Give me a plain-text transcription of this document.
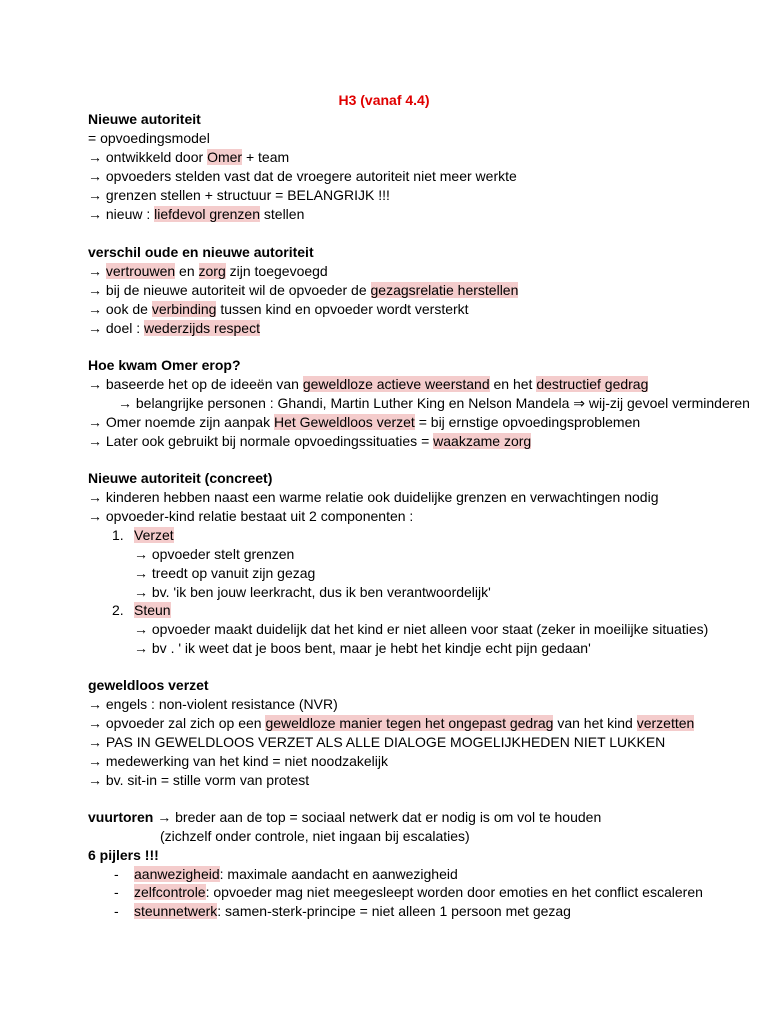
H3 (vanaf 4.4)
Nieuwe autoriteit
= opvoedingsmodel
→ ontwikkeld door Omer + team
→ opvoeders stelden vast dat de vroegere autoriteit niet meer werkte
→ grenzen stellen + structuur = BELANGRIJK !!!
→ nieuw : liefdevol grenzen stellen
verschil oude en nieuwe autoriteit
→ vertrouwen en zorg zijn toegevoegd
→ bij de nieuwe autoriteit wil de opvoeder de gezagsrelatie herstellen
→ ook de verbinding tussen kind en opvoeder wordt versterkt
→ doel : wederzijds respect
Hoe kwam Omer erop?
→ baseerde het op de ideeën van geweldloze actieve weerstand en het destructief gedrag
→ belangrijke personen : Ghandi, Martin Luther King en Nelson Mandela ⇒ wij-zij gevoel verminderen
→ Omer noemde zijn aanpak Het Geweldloos verzet = bij ernstige opvoedingsproblemen
→ Later ook gebruikt bij normale opvoedingssituaties = waakzame zorg
Nieuwe autoriteit (concreet)
→ kinderen hebben naast een warme relatie ook duidelijke grenzen en verwachtingen nodig
→ opvoeder-kind relatie bestaat uit 2 componenten :
1. Verzet
→ opvoeder stelt grenzen
→ treedt op vanuit zijn gezag
→ bv. 'ik ben jouw leerkracht, dus ik ben verantwoordelijk'
2. Steun
→ opvoeder maakt duidelijk dat het kind er niet alleen voor staat (zeker in moeilijke situaties)
→ bv . ' ik weet dat je boos bent, maar je hebt het kindje echt pijn gedaan'
geweldloos verzet
→ engels : non-violent resistance (NVR)
→ opvoeder zal zich op een geweldloze manier tegen het ongepast gedrag van het kind verzetten
→ PAS IN GEWELDLOOS VERZET ALS ALLE DIALOGE MOGELIJKHEDEN NIET LUKKEN
→ medewerking van het kind = niet noodzakelijk
→ bv. sit-in = stille vorm van protest
vuurtoren → breder aan de top = sociaal netwerk dat er nodig is om vol te houden
(zichzelf onder controle, niet ingaan bij escalaties)
6 pijlers !!!
- aanwezigheid: maximale aandacht en aanwezigheid
- zelfcontrole: opvoeder mag niet meegesleept worden door emoties en het conflict escaleren
- steunnetwerk: samen-sterk-principe = niet alleen 1 persoon met gezag
